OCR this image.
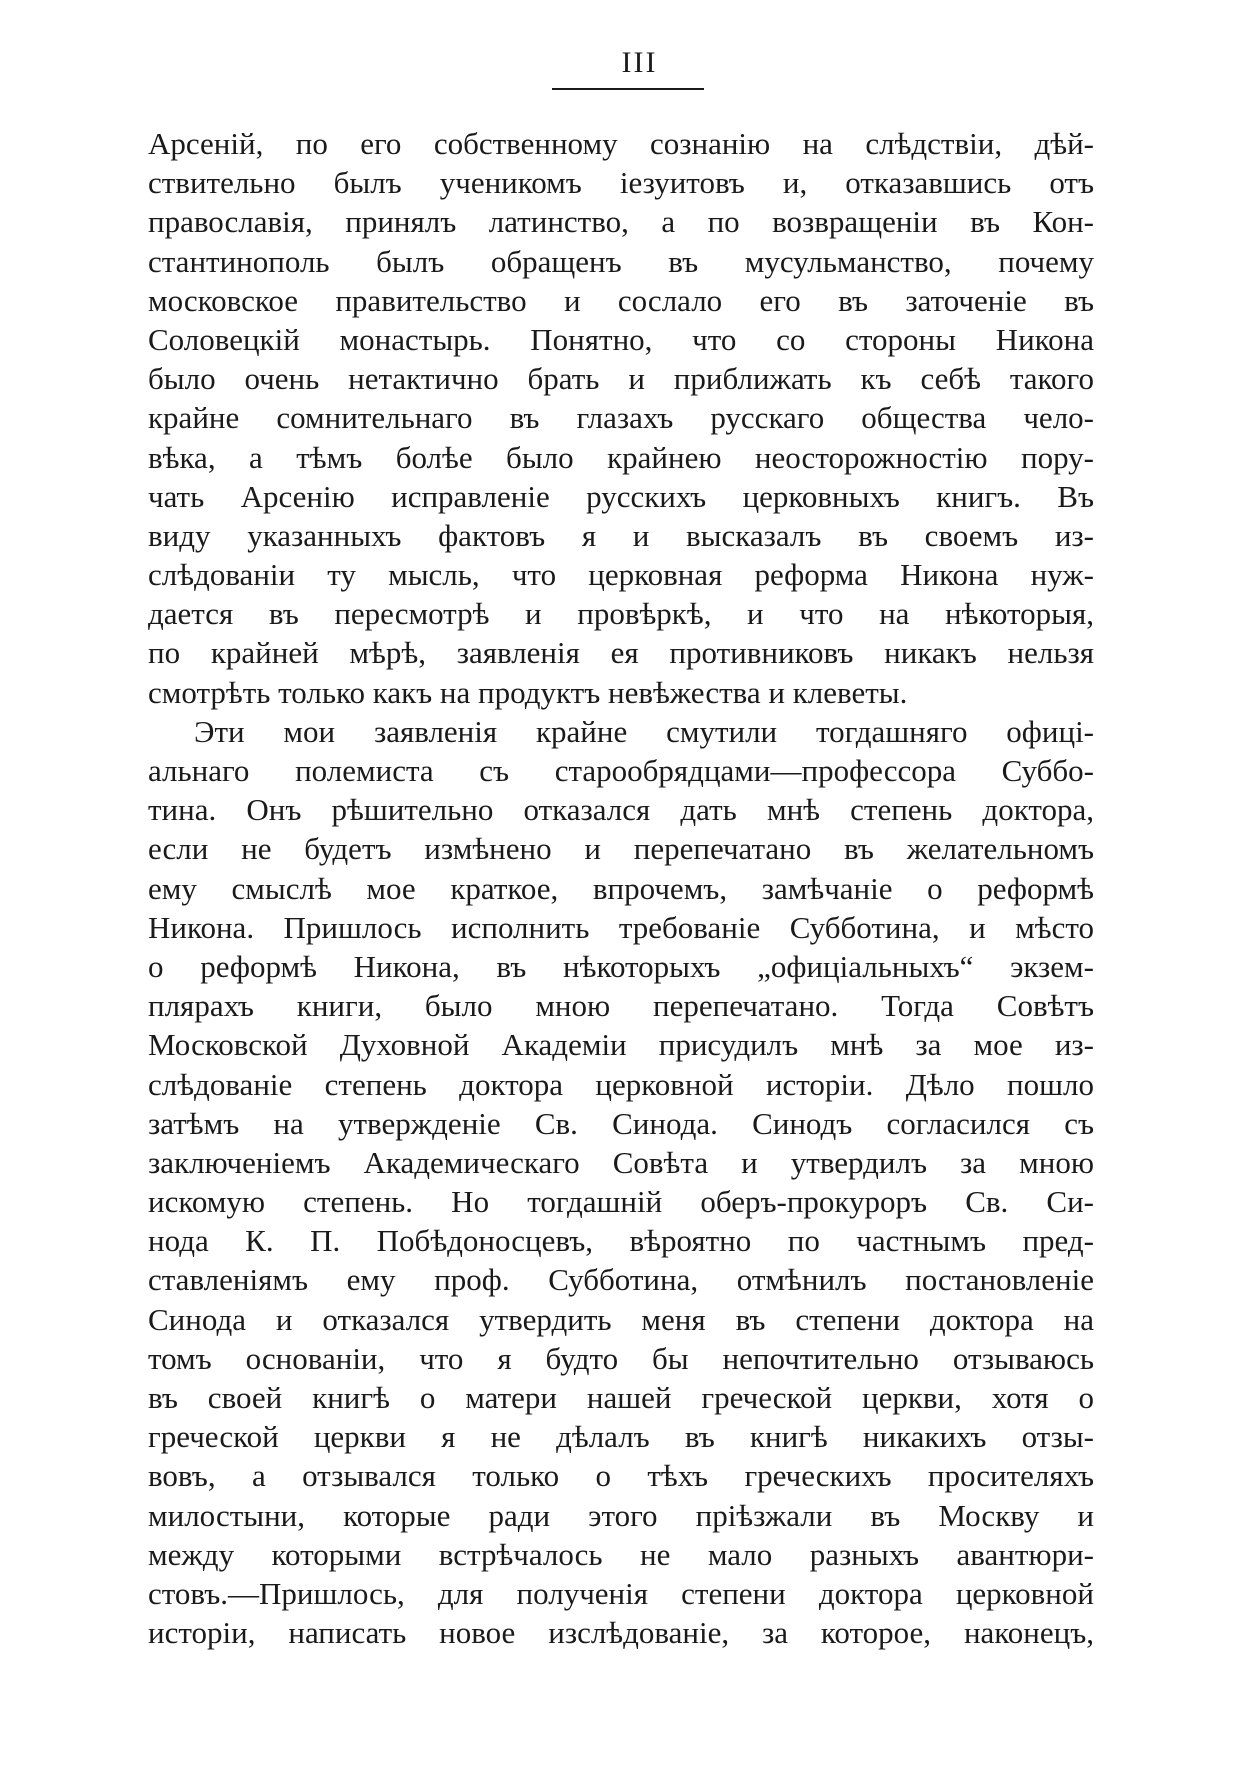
III
Арсеній, по его собственному сознанію на слѣдствіи, дѣй-
ствительно былъ ученикомъ іезуитовъ и, отказавшись отъ
православія, принялъ латинство, а по возвращеніи въ Кон-
стантинополь былъ обращенъ въ мусульманство, почему
московское правительство и сослало его въ заточеніе въ
Соловецкій монастырь. Понятно, что со стороны Никона
было очень нетактично брать и приближать къ себѣ такого
крайне сомнительнаго въ глазахъ русскаго общества чело-
вѣка, а тѣмъ болѣе было крайнею неосторожностію пору-
чать Арсенію исправленіе русскихъ церковныхъ книгъ. Въ
виду указанныхъ фактовъ я и высказалъ въ своемъ из-
слѣдованіи ту мысль, что церковная реформа Никона нуж-
дается въ пересмотрѣ и провѣркѣ, и что на нѣкоторыя,
по крайней мѣрѣ, заявленія ея противниковъ никакъ нельзя
смотрѣть только какъ на продуктъ невѣжества и клеветы.
Эти мои заявленія крайне смутили тогдашняго офиці-
альнаго полемиста съ старообрядцами—профессора Суббо-
тина. Онъ рѣшительно отказался дать мнѣ степень доктора,
если не будетъ измѣнено и перепечатано въ желательномъ
ему смыслѣ мое краткое, впрочемъ, замѣчаніе о реформѣ
Никона. Пришлось исполнить требованіе Субботина, и мѣсто
о реформѣ Никона, въ нѣкоторыхъ „офиціальныхъ“ экзем-
плярахъ книги, было мною перепечатано. Тогда Совѣтъ
Московской Духовной Академіи присудилъ мнѣ за мое из-
слѣдованіе степень доктора церковной исторіи. Дѣло пошло
затѣмъ на утвержденіе Св. Синода. Синодъ согласился съ
заключеніемъ Академическаго Совѣта и утвердилъ за мною
искомую степень. Но тогдашній оберъ-прокуроръ Св. Си-
нода К. П. Побѣдоносцевъ, вѣроятно по частнымъ пред-
ставленіямъ ему проф. Субботина, отмѣнилъ постановленіе
Синода и отказался утвердить меня въ степени доктора на
томъ основаніи, что я будто бы непочтительно отзываюсь
въ своей книгѣ о матери нашей греческой церкви, хотя о
греческой церкви я не дѣлалъ въ книгѣ никакихъ отзы-
вовъ, а отзывался только о тѣхъ греческихъ просителяхъ
милостыни, которые ради этого пріѣзжали въ Москву и
между которыми встрѣчалось не мало разныхъ авантюри-
стовъ.—Пришлось, для полученія степени доктора церковной
исторіи, написать новое изслѣдованіе, за которое, наконецъ,
